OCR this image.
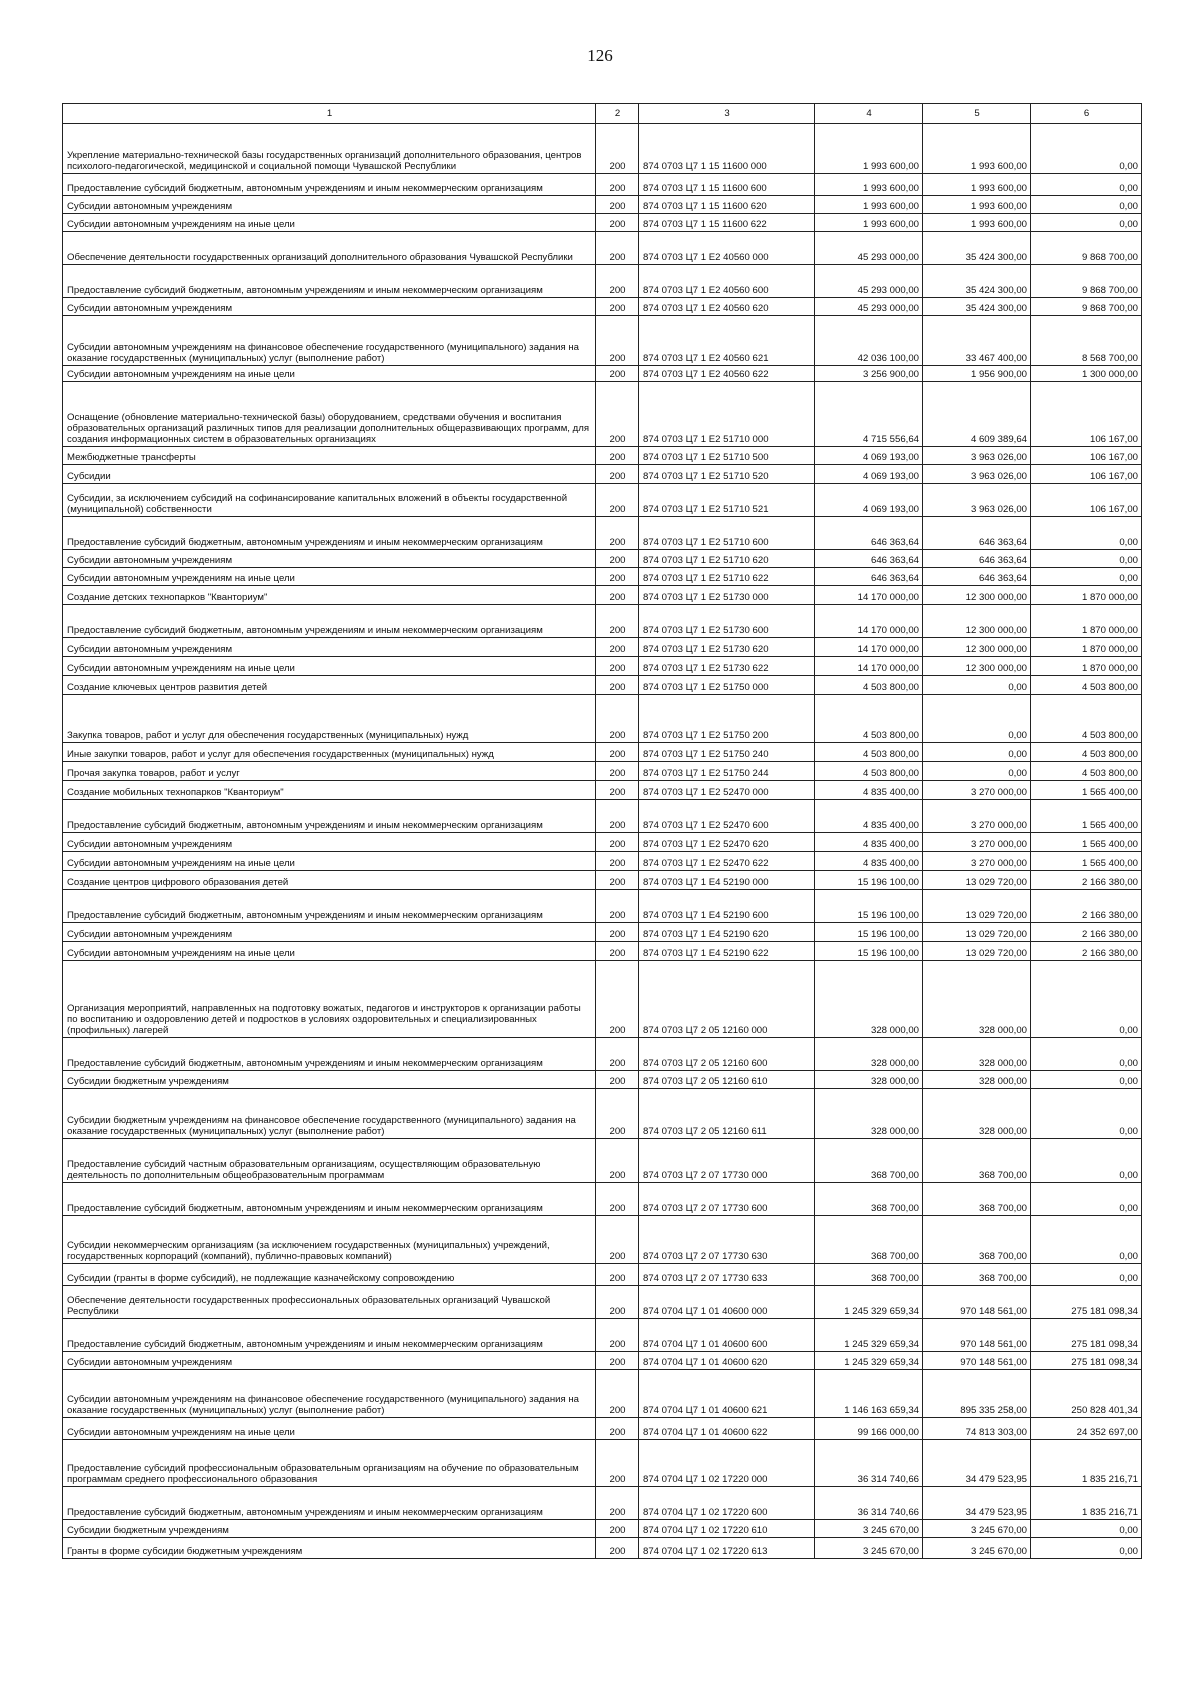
126
1	2	3	4	5	6
Укрепление материально-технической базы государственных организаций дополнительного образования, центров психолого-педагогической, медицинской и социальной помощи Чувашской Республики	200	874 0703 Ц7 1 15 11600 000	1 993 600,00	1 993 600,00	0,00
Предоставление субсидий бюджетным, автономным учреждениям и иным некоммерческим организациям	200	874 0703 Ц7 1 15 11600 600	1 993 600,00	1 993 600,00	0,00
Субсидии автономным учреждениям	200	874 0703 Ц7 1 15 11600 620	1 993 600,00	1 993 600,00	0,00
Субсидии автономным учреждениям на иные цели	200	874 0703 Ц7 1 15 11600 622	1 993 600,00	1 993 600,00	0,00
Обеспечение деятельности государственных организаций дополнительного образования Чувашской Республики	200	874 0703 Ц7 1 E2 40560 000	45 293 000,00	35 424 300,00	9 868 700,00
Предоставление субсидий бюджетным, автономным учреждениям и иным некоммерческим организациям	200	874 0703 Ц7 1 E2 40560 600	45 293 000,00	35 424 300,00	9 868 700,00
Субсидии автономным учреждениям	200	874 0703 Ц7 1 E2 40560 620	45 293 000,00	35 424 300,00	9 868 700,00
Субсидии автономным учреждениям на финансовое обеспечение государственного (муниципального) задания на оказание государственных (муниципальных) услуг (выполнение работ)	200	874 0703 Ц7 1 E2 40560 621	42 036 100,00	33 467 400,00	8 568 700,00
Субсидии автономным учреждениям на иные цели	200	874 0703 Ц7 1 E2 40560 622	3 256 900,00	1 956 900,00	1 300 000,00
Оснащение (обновление материально-технической базы) оборудованием, средствами обучения и воспитания образовательных организаций различных типов для реализации дополнительных общеразвивающих программ, для создания информационных систем в образовательных организациях	200	874 0703 Ц7 1 E2 51710 000	4 715 556,64	4 609 389,64	106 167,00
Межбюджетные трансферты	200	874 0703 Ц7 1 E2 51710 500	4 069 193,00	3 963 026,00	106 167,00
Субсидии	200	874 0703 Ц7 1 E2 51710 520	4 069 193,00	3 963 026,00	106 167,00
Субсидии, за исключением субсидий на софинансирование капитальных вложений в объекты государственной (муниципальной) собственности	200	874 0703 Ц7 1 E2 51710 521	4 069 193,00	3 963 026,00	106 167,00
Предоставление субсидий бюджетным, автономным учреждениям и иным некоммерческим организациям	200	874 0703 Ц7 1 E2 51710 600	646 363,64	646 363,64	0,00
Субсидии автономным учреждениям	200	874 0703 Ц7 1 E2 51710 620	646 363,64	646 363,64	0,00
Субсидии автономным учреждениям на иные цели	200	874 0703 Ц7 1 E2 51710 622	646 363,64	646 363,64	0,00
Создание детских технопарков "Кванториум"	200	874 0703 Ц7 1 E2 51730 000	14 170 000,00	12 300 000,00	1 870 000,00
Предоставление субсидий бюджетным, автономным учреждениям и иным некоммерческим организациям	200	874 0703 Ц7 1 E2 51730 600	14 170 000,00	12 300 000,00	1 870 000,00
Субсидии автономным учреждениям	200	874 0703 Ц7 1 E2 51730 620	14 170 000,00	12 300 000,00	1 870 000,00
Субсидии автономным учреждениям на иные цели	200	874 0703 Ц7 1 E2 51730 622	14 170 000,00	12 300 000,00	1 870 000,00
Создание ключевых центров развития детей	200	874 0703 Ц7 1 E2 51750 000	4 503 800,00	0,00	4 503 800,00
Закупка товаров, работ и услуг для обеспечения государственных (муниципальных) нужд	200	874 0703 Ц7 1 E2 51750 200	4 503 800,00	0,00	4 503 800,00
Иные закупки товаров, работ и услуг для обеспечения государственных (муниципальных) нужд	200	874 0703 Ц7 1 E2 51750 240	4 503 800,00	0,00	4 503 800,00
Прочая закупка товаров, работ и услуг	200	874 0703 Ц7 1 E2 51750 244	4 503 800,00	0,00	4 503 800,00
Создание мобильных технопарков "Кванториум"	200	874 0703 Ц7 1 E2 52470 000	4 835 400,00	3 270 000,00	1 565 400,00
Предоставление субсидий бюджетным, автономным учреждениям и иным некоммерческим организациям	200	874 0703 Ц7 1 E2 52470 600	4 835 400,00	3 270 000,00	1 565 400,00
Субсидии автономным учреждениям	200	874 0703 Ц7 1 E2 52470 620	4 835 400,00	3 270 000,00	1 565 400,00
Субсидии автономным учреждениям на иные цели	200	874 0703 Ц7 1 E2 52470 622	4 835 400,00	3 270 000,00	1 565 400,00
Создание центров цифрового образования детей	200	874 0703 Ц7 1 E4 52190 000	15 196 100,00	13 029 720,00	2 166 380,00
Предоставление субсидий бюджетным, автономным учреждениям и иным некоммерческим организациям	200	874 0703 Ц7 1 E4 52190 600	15 196 100,00	13 029 720,00	2 166 380,00
Субсидии автономным учреждениям	200	874 0703 Ц7 1 E4 52190 620	15 196 100,00	13 029 720,00	2 166 380,00
Субсидии автономным учреждениям на иные цели	200	874 0703 Ц7 1 E4 52190 622	15 196 100,00	13 029 720,00	2 166 380,00
Организация мероприятий, направленных на подготовку вожатых, педагогов и инструкторов к организации работы по воспитанию и оздоровлению детей и подростков в условиях оздоровительных и специализированных (профильных) лагерей	200	874 0703 Ц7 2 05 12160 000	328 000,00	328 000,00	0,00
Предоставление субсидий бюджетным, автономным учреждениям и иным некоммерческим организациям	200	874 0703 Ц7 2 05 12160 600	328 000,00	328 000,00	0,00
Субсидии бюджетным учреждениям	200	874 0703 Ц7 2 05 12160 610	328 000,00	328 000,00	0,00
Субсидии бюджетным учреждениям на финансовое обеспечение государственного (муниципального) задания на оказание государственных (муниципальных) услуг (выполнение работ)	200	874 0703 Ц7 2 05 12160 611	328 000,00	328 000,00	0,00
Предоставление субсидий частным образовательным организациям, осуществляющим образовательную деятельность по дополнительным общеобразовательным программам	200	874 0703 Ц7 2 07 17730 000	368 700,00	368 700,00	0,00
Предоставление субсидий бюджетным, автономным учреждениям и иным некоммерческим организациям	200	874 0703 Ц7 2 07 17730 600	368 700,00	368 700,00	0,00
Субсидии некоммерческим организациям (за исключением государственных (муниципальных) учреждений, государственных корпораций (компаний), публично-правовых компаний)	200	874 0703 Ц7 2 07 17730 630	368 700,00	368 700,00	0,00
Субсидии (гранты в форме субсидий), не подлежащие казначейскому сопровождению	200	874 0703 Ц7 2 07 17730 633	368 700,00	368 700,00	0,00
Обеспечение деятельности государственных профессиональных образовательных организаций Чувашской Республики	200	874 0704 Ц7 1 01 40600 000	1 245 329 659,34	970 148 561,00	275 181 098,34
Предоставление субсидий бюджетным, автономным учреждениям и иным некоммерческим организациям	200	874 0704 Ц7 1 01 40600 600	1 245 329 659,34	970 148 561,00	275 181 098,34
Субсидии автономным учреждениям	200	874 0704 Ц7 1 01 40600 620	1 245 329 659,34	970 148 561,00	275 181 098,34
Субсидии автономным учреждениям на финансовое обеспечение государственного (муниципального) задания на оказание государственных (муниципальных) услуг (выполнение работ)	200	874 0704 Ц7 1 01 40600 621	1 146 163 659,34	895 335 258,00	250 828 401,34
Субсидии автономным учреждениям на иные цели	200	874 0704 Ц7 1 01 40600 622	99 166 000,00	74 813 303,00	24 352 697,00
Предоставление субсидий профессиональным образовательным организациям на обучение по образовательным программам среднего профессионального образования	200	874 0704 Ц7 1 02 17220 000	36 314 740,66	34 479 523,95	1 835 216,71
Предоставление субсидий бюджетным, автономным учреждениям и иным некоммерческим организациям	200	874 0704 Ц7 1 02 17220 600	36 314 740,66	34 479 523,95	1 835 216,71
Субсидии бюджетным учреждениям	200	874 0704 Ц7 1 02 17220 610	3 245 670,00	3 245 670,00	0,00
Гранты в форме субсидии бюджетным учреждениям	200	874 0704 Ц7 1 02 17220 613	3 245 670,00	3 245 670,00	0,00
